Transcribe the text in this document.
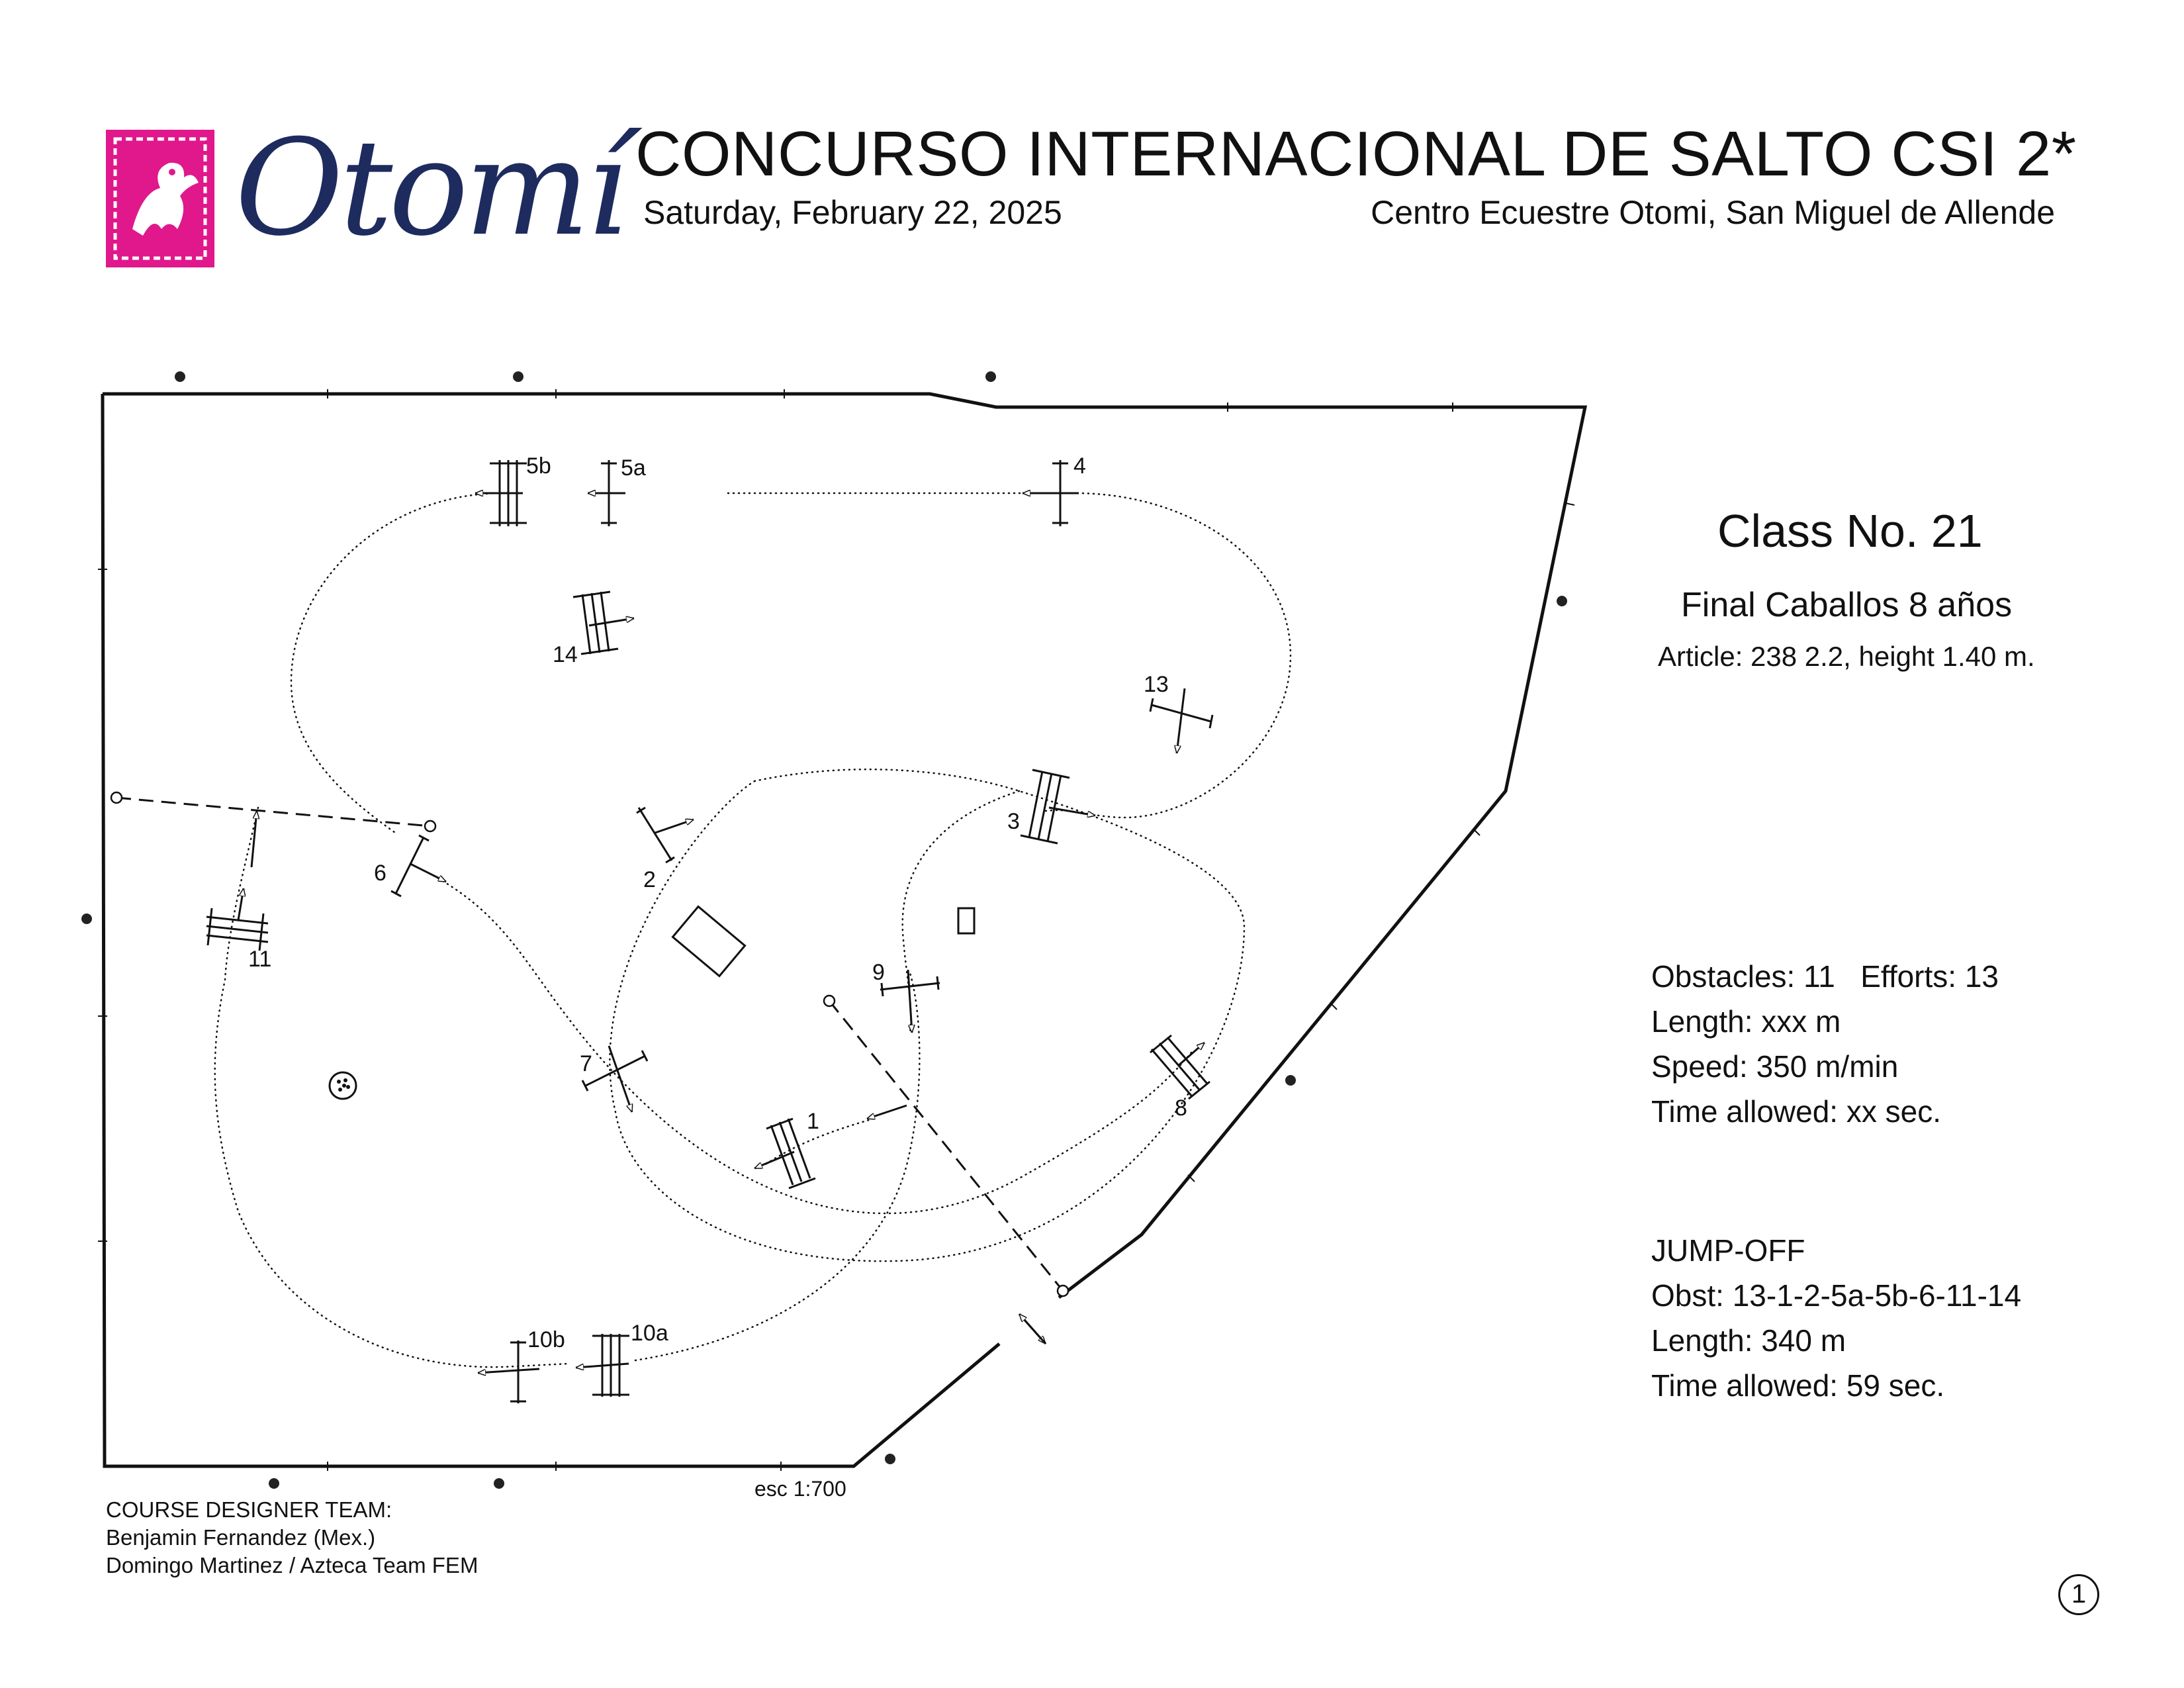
Otomí CONCURSO INTERNACIONAL DE SALTO CSI 2*
Saturday, February 22, 2025	Centro Ecuestre Otomi, San Miguel de Allende
1
2
3
4
5a
5b
6
7
8
9
10a
10b
11
13
14
esc 1:700
Class No. 21
Final Caballos 8 años
Article: 238 2.2, height 1.40 m.
Obstacles: 11 Efforts: 13
Length: xxx m
Speed: 350 m/min
Time allowed: xx sec.
JUMP-OFF
Obst: 13-1-2-5a-5b-6-11-14
Length: 340 m
Time allowed: 59 sec.
COURSE DESIGNER TEAM:
Benjamin Fernandez (Mex.)
Domingo Martinez / Azteca Team FEM
1
